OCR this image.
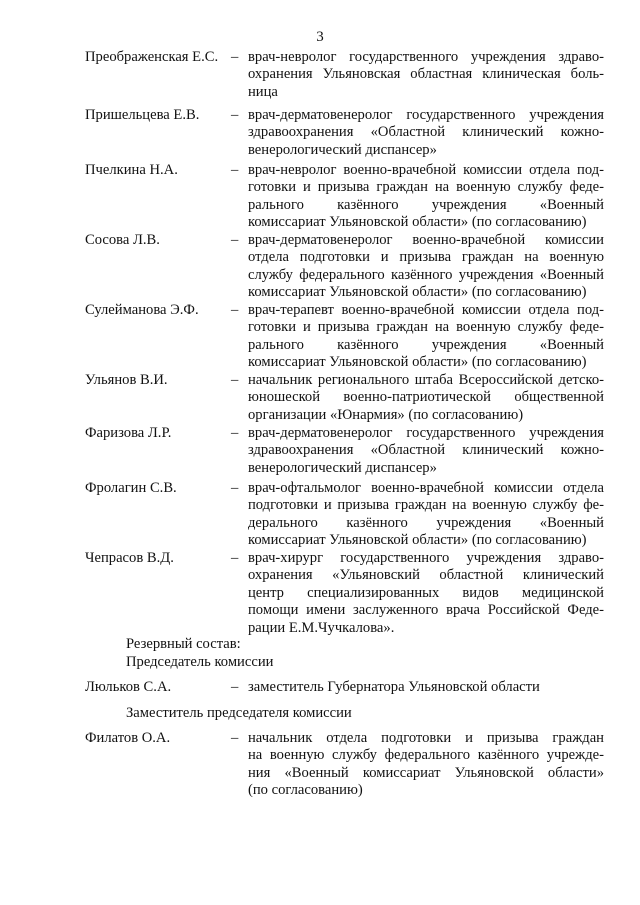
3
Преображенская Е.С. – врач-невролог государственного учреждения здраво-
охранения Ульяновская областная клиническая боль-
ница
Пришельцева Е.В. – врач-дерматовенеролог государственного учреждения
здравоохранения «Областной клинический кожно-
венерологический диспансер»
Пчелкина Н.А.	– врач-невролог военно-врачебной комиссии отдела под-
готовки и призыва граждан на военную службу феде-
рального казённого учреждения «Военный
комиссариат Ульяновской области» (по согласованию)
Сосова Л.В.	– врач-дерматовенеролог военно-врачебной комиссии
отдела подготовки и призыва граждан на военную
службу федерального казённого учреждения «Военный
комиссариат Ульяновской области» (по согласованию)
Сулейманова Э.Ф. – врач-терапевт военно-врачебной комиссии отдела под-
готовки и призыва граждан на военную службу феде-
рального казённого учреждения «Военный
комиссариат Ульяновской области» (по согласованию)
Ульянов В.И.	– начальник регионального штаба Всероссийской детско-
юношеской военно-патриотической общественной
организации «Юнармия» (по согласованию)
Фаризова Л.Р.	– врач-дерматовенеролог государственного учреждения
здравоохранения «Областной клинический кожно-
венерологический диспансер»
Фролагин С.В.	– врач-офтальмолог военно-врачебной комиссии отдела
подготовки и призыва граждан на военную службу фе-
дерального казённого учреждения «Военный
комиссариат Ульяновской области» (по согласованию)
Чепрасов В.Д.	– врач-хирург государственного учреждения здраво-
охранения «Ульяновский областной клинический
центр специализированных видов медицинской
помощи имени заслуженного врача Российской Феде-
рации Е.М.Чучкалова».
Резервный состав:
Председатель комиссии
Люльков С.А.	– заместитель Губернатора Ульяновской области
Заместитель председателя комиссии
Филатов О.А.	– начальник отдела подготовки и призыва граждан
на военную службу федерального казённого учрежде-
ния «Военный комиссариат Ульяновской области»
(по согласованию)
